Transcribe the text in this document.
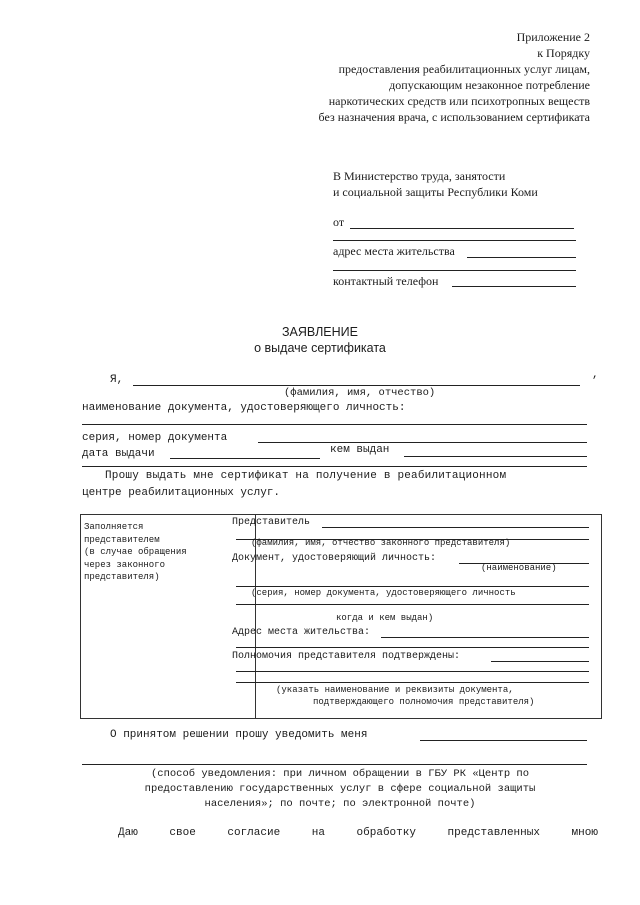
Приложение 2
к Порядку
предоставления реабилитационных услуг лицам,
допускающим незаконное потребление
наркотических средств или психотропных веществ
без назначения врача, с использованием сертификата
В Министерство труда, занятости
и социальной защиты Республики Коми
от
адрес места жительства
контактный телефон
ЗАЯВЛЕНИЕ
о выдаче сертификата
Я,	,
(фамилия, имя, отчество)
наименование документа, удостоверяющего личность:
серия, номер документа
дата выдачи	кем выдан
Прошу выдать мне сертификат на получение в реабилитационном
центре реабилитационных услуг.
Заполняется
представителем
(в случае обращения
через законного
представителя)
Представитель
(фамилия, имя, отчество законного представителя)
Документ, удостоверяющий личность:
(наименование)
(серия, номер документа, удостоверяющего личность
когда и кем выдан)
Адрес места жительства:
Полномочия представителя подтверждены:
(указать наименование и реквизиты документа,
подтверждающего полномочия представителя)
О принятом решении прошу уведомить меня
(способ уведомления: при личном обращении в ГБУ РК «Центр по
предоставлению государственных услуг в сфере социальной защиты
населения»; по почте; по электронной почте)
Даю	свое	согласие	на	обработку	представленных	мною
